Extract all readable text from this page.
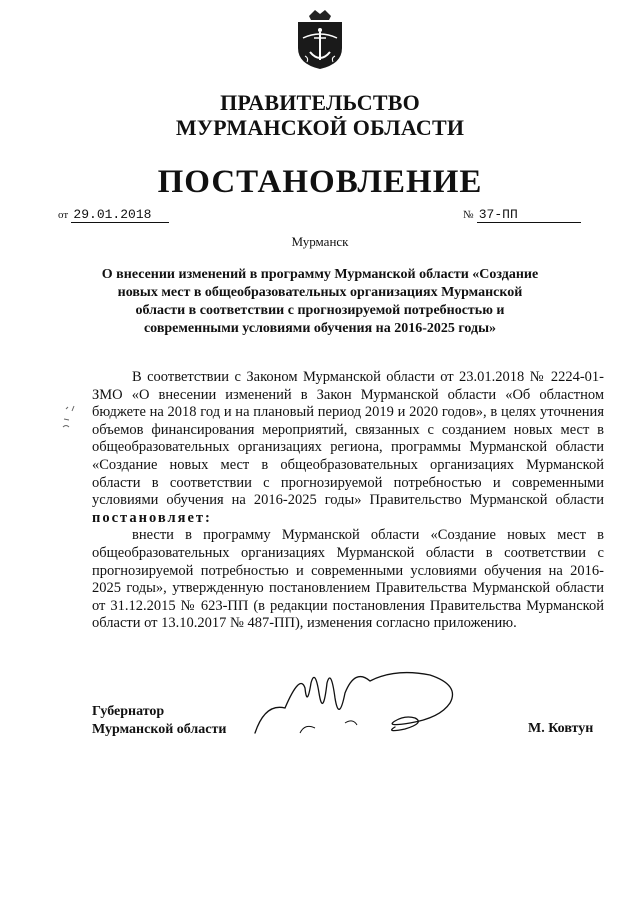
ПРАВИТЕЛЬСТВО
МУРМАНСКОЙ ОБЛАСТИ
ПОСТАНОВЛЕНИЕ
от 29.01.2018	№ 37-ПП
Мурманск
О внесении изменений в программу Мурманской области «Создание новых мест в общеобразовательных организациях Мурманской области в соответствии с прогнозируемой потребностью и современными условиями обучения на 2016-2025 годы»

В соответствии с Законом Мурманской области от 23.01.2018 № 2224-01-ЗМО «О внесении изменений в Закон Мурманской области «Об областном бюджете на 2018 год и на плановый период 2019 и 2020 годов», в целях уточнения объемов финансирования мероприятий, связанных с созданием новых мест в общеобразовательных организациях региона, программы Мурманской области «Создание новых мест в общеобразовательных организациях Мурманской области в соответствии с прогнозируемой потребностью и современными условиями обучения на 2016-2025 годы» Правительство Мурманской области постановляет:

внести в программу Мурманской области «Создание новых мест в общеобразовательных организациях Мурманской области в соответствии с прогнозируемой потребностью и современными условиями обучения на 2016-2025 годы», утвержденную постановлением Правительства Мурманской области от 31.12.2015 № 623-ПП (в редакции постановления Правительства Мурманской области от 13.10.2017 № 487-ПП), изменения согласно приложению.

Губернатор
Мурманской области	М. Ковтун
